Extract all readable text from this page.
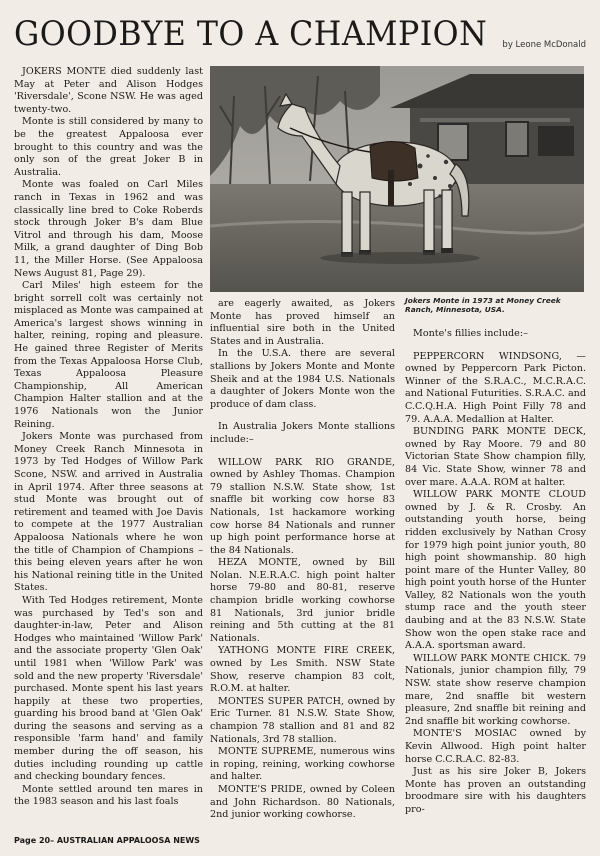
GOODBYE TO A CHAMPION by Leone McDonald

JOKERS MONTE died suddenly last May at Peter and Alison Hodges 'Riversdale', Scone NSW. He was aged twenty-two.

Monte is still considered by many to be the greatest Appaloosa ever brought to this country and was the only son of the great Joker B in Australia.

Monte was foaled on Carl Miles ranch in Texas in 1962 and was classically line bred to Coke Roberds stock through Joker B's dam Blue Vitrol and through his dam, Moose Milk, a grand daughter of Ding Bob 11, the Miller Horse. (See Appaloosa News August 81, Page 29).

Carl Miles' high esteem for the bright sorrell colt was certainly not misplaced as Monte was campained at America's largest shows winning in halter, reining, roping and pleasure. He gained three Register of Merits from the Texas Appaloosa Horse Club, Texas Appaloosa Pleasure Championship, All American Champion Halter stallion and at the 1976 Nationals won the Junior Reining.

Jokers Monte was purchased from Money Creek Ranch Minnesota in 1973 by Ted Hodges of Willow Park Scone, NSW. and arrived in Australia in April 1974. After three seasons at stud Monte was brought out of retirement and teamed with Joe Davis to compete at the 1977 Australian Appaloosa Nationals where he won the title of Champion of Champions – this being eleven years after he won his National reining title in the United States.

With Ted Hodges retirement, Monte was purchased by Ted's son and daughter-in-law, Peter and Alison Hodges who maintained 'Willow Park' and the associate property 'Glen Oak' until 1981 when 'Willow Park' was sold and the new property 'Riversdale' purchased. Monte spent his last years happily at these two properties, guarding his brood band at 'Glen Oak' during the seasons and serving as a responsible 'farm hand' and family member during the off season, his duties including rounding up cattle and checking boundary fences.

Monte settled around ten mares in the 1983 season and his last foals

Jokers Monte in 1973 at Money Creek Ranch, Minnesota, USA.

are eagerly awaited, as Jokers Monte has proved himself an influential sire both in the United States and in Australia.

In the U.S.A. there are several stallions by Jokers Monte and Monte Sheik and at the 1984 U.S. Nationals a daughter of Jokers Monte won the produce of dam class.

In Australia Jokers Monte stallions include:–

WILLOW PARK RIO GRANDE, owned by Ashley Thomas. Champion 79 stallion N.S.W. State show, 1st snaffle bit working cow horse 83 Nationals, 1st hackamore working cow horse 84 Nationals and runner up high point performance horse at the 84 Nationals.

HEZA MONTE, owned by Bill Nolan. N.E.R.A.C. high point halter horse 79-80 and 80-81, reserve champion bridle working cowhorse 81 Nationals, 3rd junior bridle reining and 5th cutting at the 81 Nationals.

YATHONG MONTE FIRE CREEK, owned by Les Smith. NSW State Show, reserve champion 83 colt, R.O.M. at halter.

MONTES SUPER PATCH, owned by Eric Turner. 81 N.S.W. State Show, champion 78 stallion and 81 and 82 Nationals, 3rd 78 stallion.

MONTE SUPREME, numerous wins in roping, reining, working cowhorse and halter.

MONTE'S PRIDE, owned by Coleen and John Richardson. 80 Nationals, 2nd junior working cowhorse.

Monte's fillies include:–

PEPPERCORN WINDSONG, — owned by Peppercorn Park Picton. Winner of the S.R.A.C., M.C.R.A.C. and National Futurities. S.R.A.C. and C.C.Q.H.A. High Point Filly 78 and 79. A.A.A. Medallion at Halter.

BUNDING PARK MONTE DECK, owned by Ray Moore. 79 and 80 Victorian State Show champion filly, 84 Vic. State Show, winner 78 and over mare. A.A.A. ROM at halter.

WILLOW PARK MONTE CLOUD owned by J. & R. Crosby. An outstanding youth horse, being ridden exclusively by Nathan Crosy for 1979 high point junior youth, 80 high point showmanship. 80 high point mare of the Hunter Valley, 80 high point youth horse of the Hunter Valley, 82 Nationals won the youth stump race and the youth steer daubing and at the 83 N.S.W. State Show won the open stake race and A.A.A. sportsman award.

WILLOW PARK MONTE CHICK. 79 Nationals, junior champion filly, 79 NSW. state show reserve champion mare, 2nd snaffle bit western pleasure, 2nd snaffle bit reining and 2nd snaffle bit working cowhorse.

MONTE'S MOSIAC owned by Kevin Allwood. High point halter horse C.C.R.A.C. 82-83.

Just as his sire Joker B, Jokers Monte has proven an outstanding broodmare sire with his daughters pro-

Page 20– AUSTRALIAN APPALOOSA NEWS
